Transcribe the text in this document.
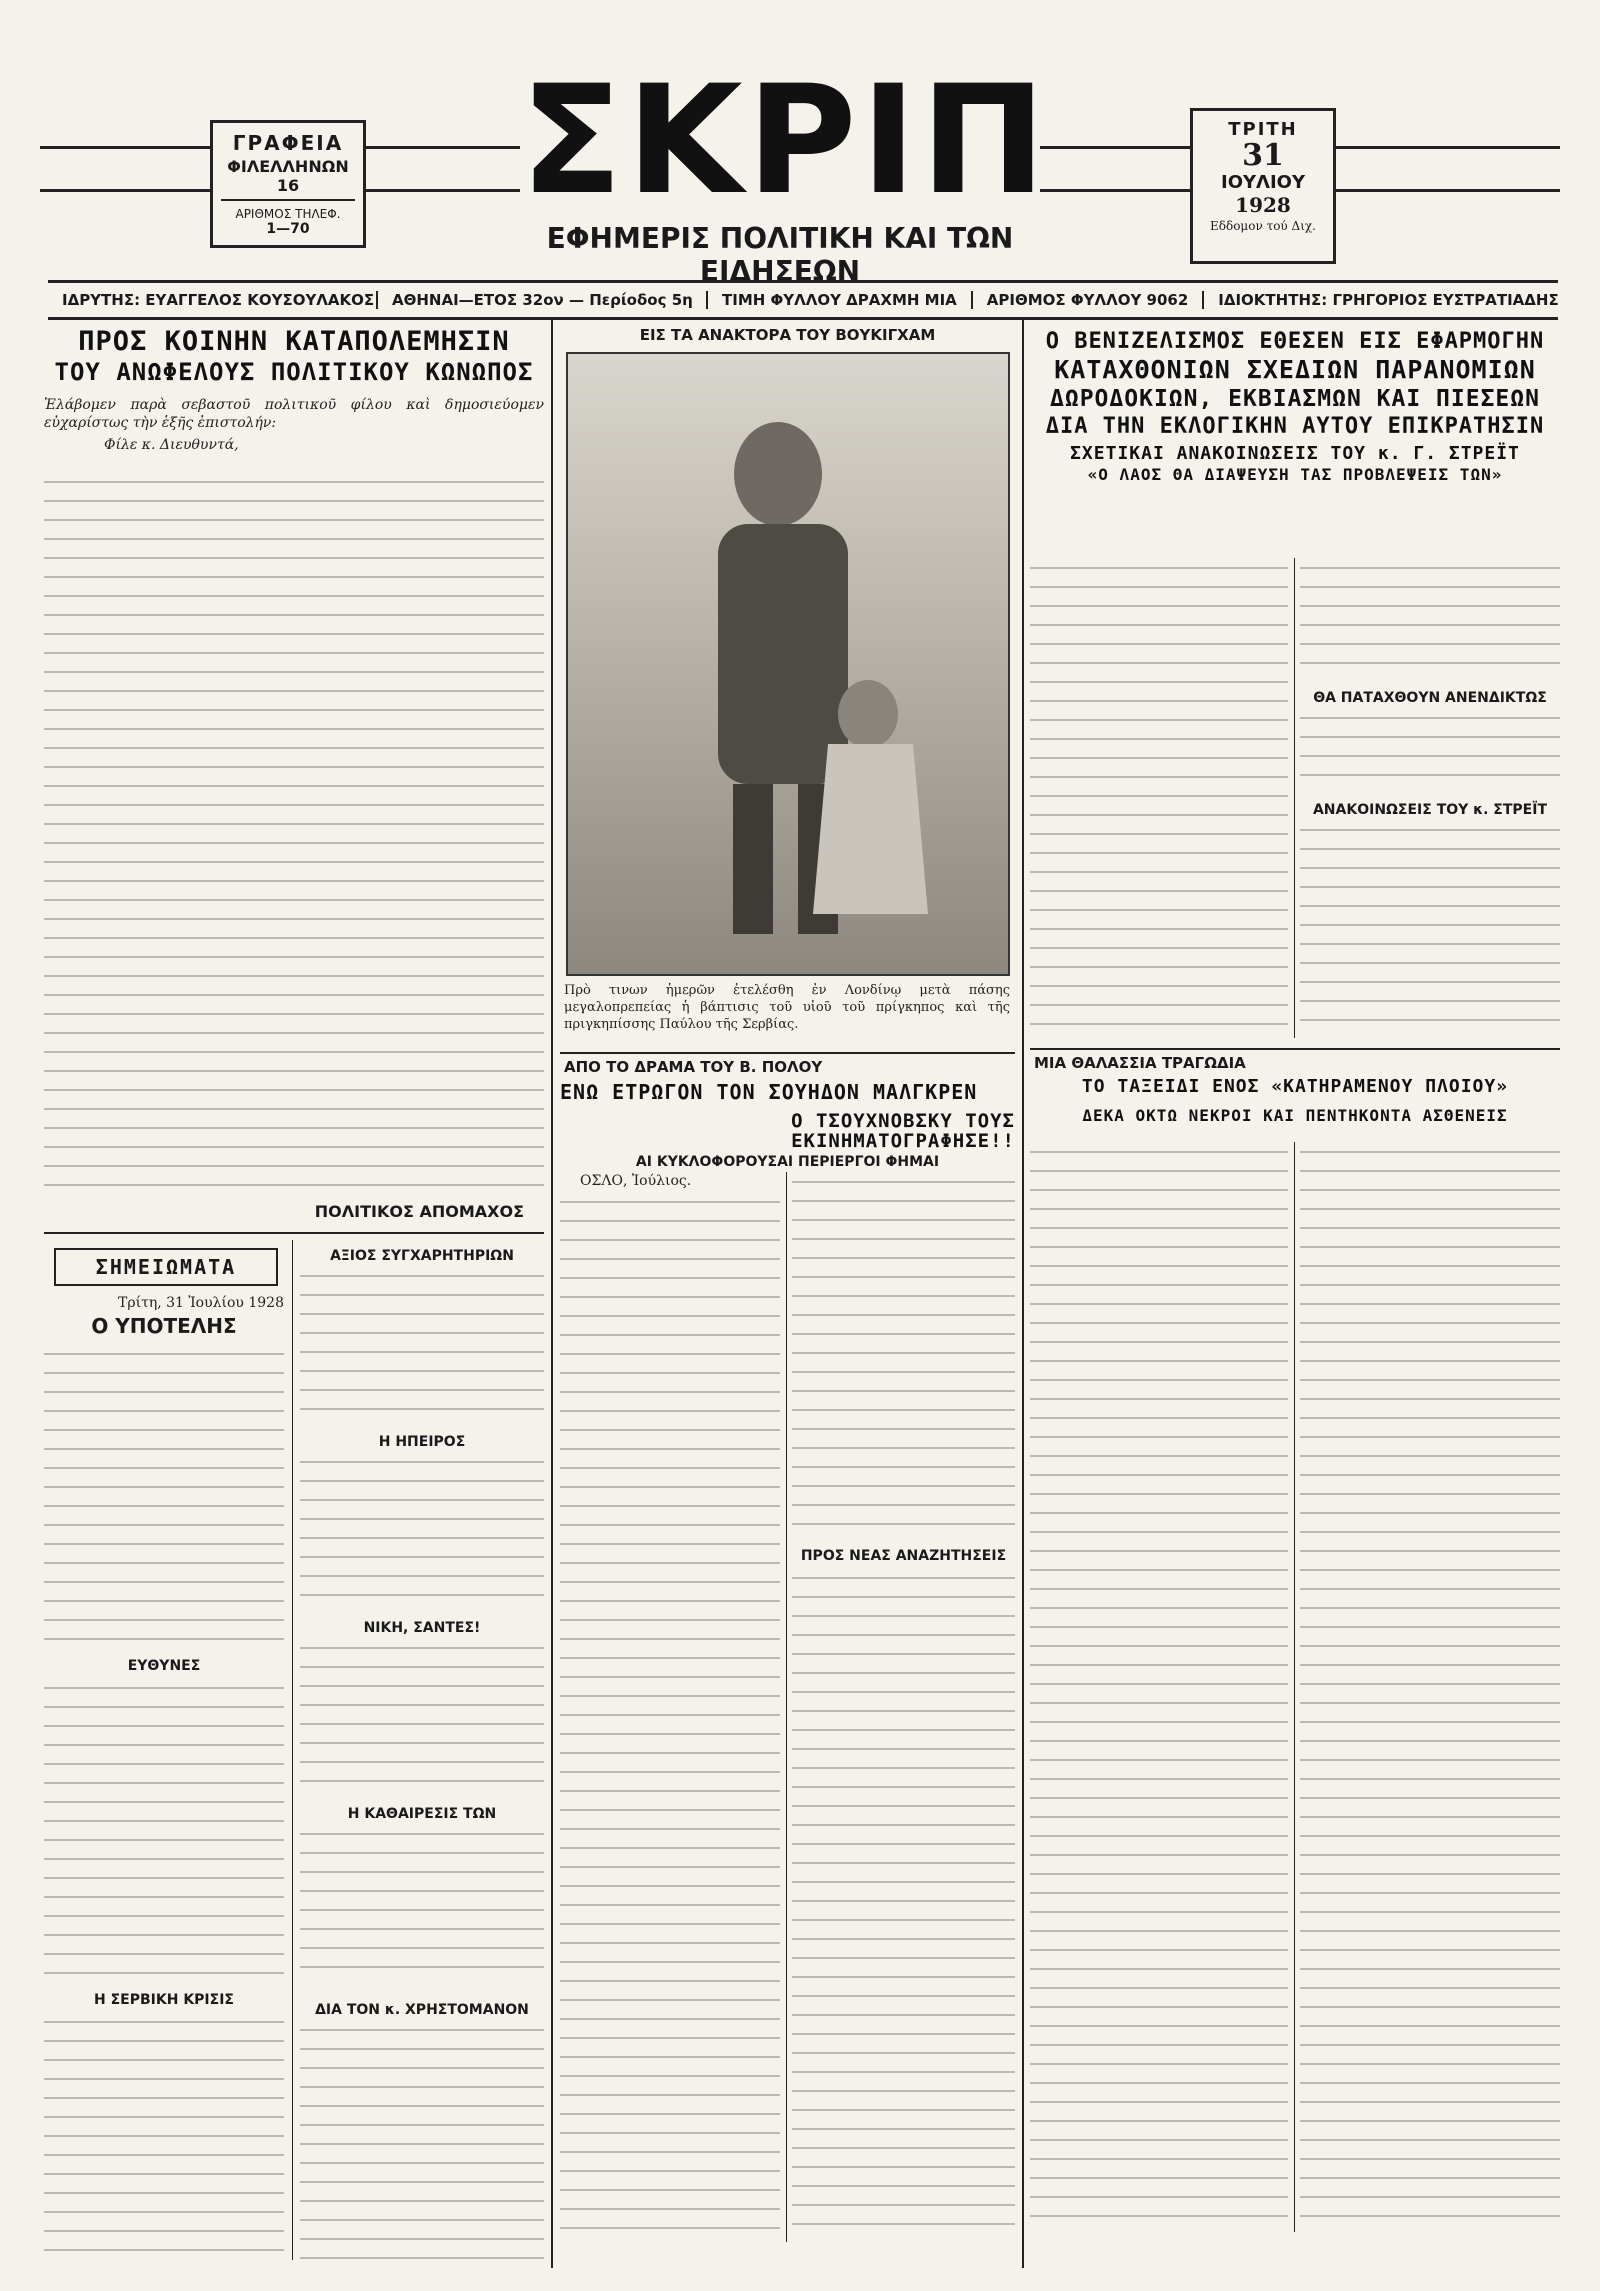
ΓΡΑΦΕΙΑ
ΦΙΛΕΛΛΗΝΩΝ 16
ΑΡΙΘΜΟΣ ΤΗΛΕΦ.
1—70
ΣΚΡΙΠ
ΕΦΗΜΕΡΙΣ ΠΟΛΙΤΙΚΗ ΚΑΙ ΤΩΝ ΕΙΔΗΣΕΩΝ
ΤΡΙΤΗ
31
ΙΟΥΛΙΟΥ
1928
Εδδομον τού Διχ.
ΙΔΡΥΤΗΣ: ΕΥΑΓΓΕΛΟΣ ΚΟΥΣΟΥΛΑΚΟΣ	ΑΘΗΝΑΙ—ΕΤΟΣ 32ον — Περίοδος 5η	ΤΙΜΗ ΦΥΛΛΟΥ ΔΡΑΧΜΗ ΜΙΑ	ΑΡΙΘΜΟΣ ΦΥΛΛΟΥ 9062	ΙΔΙΟΚΤΗΤΗΣ: ΓΡΗΓΟΡΙΟΣ ΕΥΣΤΡΑΤΙΑΔΗΣ
ΠΡΟΣ ΚΟΙΝΗΝ ΚΑΤΑΠΟΛΕΜΗΣΙΝ
ΤΟΥ ΑΝΩΦΕΛΟΥΣ ΠΟΛΙΤΙΚΟΥ ΚΩΝΩΠΟΣ
Ἐλάβομεν παρὰ σεβαστοῦ πολιτικοῦ φίλου καὶ δημοσιεύομεν εὐχαρίστως τὴν ἑξῆς ἐπιστολήν:
Φίλε κ. Διευθυντά,
ΠΟΛΙΤΙΚΟΣ ΑΠΟΜΑΧΟΣ
ΣΗΜΕΙΩΜΑΤΑ
Τρίτη, 31 Ἰουλίου 1928
Ο ΥΠΟΤΕΛΗΣ
ΕΥΘΥΝΕΣ
Η ΣΕΡΒΙΚΗ ΚΡΙΣΙΣ
ΑΞΙΟΣ ΣΥΓΧΑΡΗΤΗΡΙΩΝ
Η ΗΠΕΙΡΟΣ
ΝΙΚΗ, ΣΑΝΤΕΣ!
Η ΚΑΘΑΙΡΕΣΙΣ ΤΩΝ
ΔΙΑ ΤΟΝ κ. ΧΡΗΣΤΟΜΑΝΟΝ
ΕΙΣ ΤΑ ΑΝΑΚΤΟΡΑ ΤΟΥ ΒΟΥΚΙΓΧΑΜ
Πρὸ τινων ἡμερῶν ἐτελέσθη ἐν Λονδίνῳ μετὰ πάσης μεγαλοπρεπείας ἡ βάπτισις τοῦ υἱοῦ τοῦ πρίγκηπος καὶ τῆς πριγκηπίσσης Παύλου τῆς Σερβίας.
ΑΠΟ ΤΟ ΔΡΑΜΑ ΤΟΥ Β. ΠΟΛΟΥ
ΕΝΩ ΕΤΡΩΓΟΝ ΤΟΝ ΣΟΥΗΔΟΝ ΜΑΛΓΚΡΕΝ
Ο ΤΣΟΥΧΝΟΒΣΚΥ ΤΟΥΣ ΕΚΙΝΗΜΑΤΟΓΡΑΦΗΣΕ!!
ΑΙ ΚΥΚΛΟΦΟΡΟΥΣΑΙ ΠΕΡΙΕΡΓΟΙ ΦΗΜΑΙ
ΟΣΛΟ, Ἰούλιος.
ΠΡΟΣ ΝΕΑΣ ΑΝΑΖΗΤΗΣΕΙΣ
Ο ΒΕΝΙΖΕΛΙΣΜΟΣ ΕΘΕΣΕΝ ΕΙΣ ΕΦΑΡΜΟΓΗΝ
ΚΑΤΑΧΘΟΝΙΩΝ ΣΧΕΔΙΩΝ ΠΑΡΑΝΟΜΙΩΝ
ΔΩΡΟΔΟΚΙΩΝ, ΕΚΒΙΑΣΜΩΝ ΚΑΙ ΠΙΕΣΕΩΝ
ΔΙΑ ΤΗΝ ΕΚΛΟΓΙΚΗΝ ΑΥΤΟΥ ΕΠΙΚΡΑΤΗΣΙΝ
ΣΧΕΤΙΚΑΙ ΑΝΑΚΟΙΝΩΣΕΙΣ ΤΟΥ κ. Γ. ΣΤΡΕΪΤ
«Ο ΛΑΟΣ ΘΑ ΔΙΑΨΕΥΣΗ ΤΑΣ ΠΡΟΒΛΕΨΕΙΣ ΤΩΝ»
ΘΑ ΠΑΤΑΧΘΟΥΝ ΑΝΕΝΔΙΚΤΩΣ
ΑΝΑΚΟΙΝΩΣΕΙΣ ΤΟΥ κ. ΣΤΡΕΪΤ
ΜΙΑ ΘΑΛΑΣΣΙΑ ΤΡΑΓΩΔΙΑ
ΤΟ ΤΑΞΕΙΔΙ ΕΝΟΣ «ΚΑΤΗΡΑΜΕΝΟΥ ΠΛΟΙΟΥ»
ΔΕΚΑ ΟΚΤΩ ΝΕΚΡΟΙ ΚΑΙ ΠΕΝΤΗΚΟΝΤΑ ΑΣΘΕΝΕΙΣ
